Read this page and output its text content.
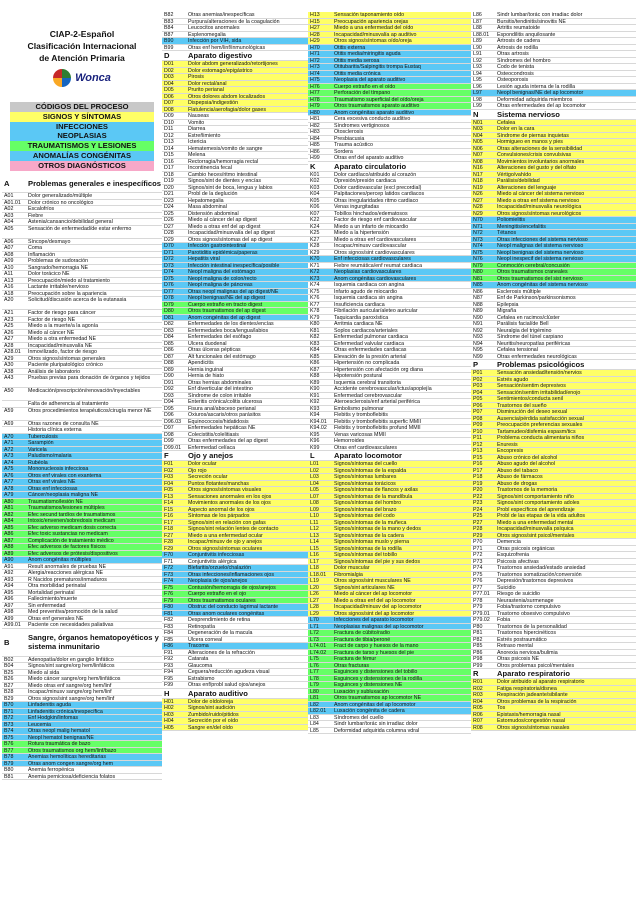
CIAP-2-Español
Clasificación Internacional
de Atención Primaria
Wonca
CÓDIGOS DEL PROCESO
SIGNOS Y SÍNTOMAS
INFECCIONES
NEOPLASIAS
TRAUMATISMOS Y LESIONES
ANOMALÍAS CONGÉNITAS
OTROS DIAGNÓSTICOS
A	Problemas generales e inespecíficos
A01	Dolor generalizado/múltiple
A01.01	Dolor crónico no oncológico
A02	Escalofríos
A03	Fiebre
A04	Astenia/cansancio/debilidad general
A05	Sensación de enfermedad/de estar enfermo
A06	Síncope/desmayo
A07	Coma
A08	Inflamación
A09	Problemas de sudoración
A10	Sangrado/hemorragia NE
A11	Dolor torácico NE
A13	Preocupación/miedo al tratamiento
A16	Lactante irritable/nervioso
A18	Preocupación sobre la apariencia
A20	Solicitud/discusión acerca de la eutanasia
A21	Factor de riesgo para cáncer
A23	Factor de riesgo NE
A25	Miedo a la muerte/a la agonía
A26	Miedo al cáncer NE
A27	Miedo a otra enfermedad NE
A28	Incapacidad/minusvalía NE
A28.01	Inmovilizado, factor de riesgo
A29	Otros signos/síntomas generales
A30	Paciente pluripatológico crónico
A38	Análisis de laboratorio
A43	Pruebas previas para donación de órganos y tejidos
A50	Medicación/prescripción/renovación/inyectables
Falta de adherencia al tratamiento
A59	Otros procedimientos terapéuticos/cirugía menor NE
A69	Otras razones de consulta NE
Historia clínica externa
A70	Tuberculosis
A71	Sarampión
A72	Varicela
A73	Paludismo/malaria
A74	Rubéola
A75	Mononucleosis infecciosa
A76	Otros enf virales con exantema
A77	Otras enf virales NE
A78	Otras enf infecciosas
A79	Cáncer/neoplasia maligna NE
A80	Traumatismo/lesión NE
A81	Traumatismos/lesiones múltiples
A82	Efec secund tardíos de traumatismos
A84	Intoxic/envenen/sobredosis medicam
A85	Efec adverso medicam dosis correcta
A86	Efec toxic sustancias no medicam
A87	Complicación de tratamiento médico
A88	Efec adversos de factores físicos
A89	Efec adversos de prótesis/dispositivos
A90	Anom congénitas múltiples
A91	Result anormales de pruebas NE
A92	Alergia/reacciones alérgicas NE
A93	R Nacidos prematuros/inmaduros
A94	Otra morbilidad perinatal
A95	Mortalidad perinatal
A96	Fallecimiento/muerte
A97	Sin enfermedad
A98	Med preventiva/promoción de la salud
A99	Otras enf generales NE
A99.01	Paciente con necesidades paliativas
B	Sangre, órganos hematopoyéticos y sistema inmunitario
B02	Adenopatía/dolor en ganglio linfático
B04	Signos/sint sangre/org hem/linfáticos
B25	Miedo al sida
B26	Miedo cáncer sangre/org hem/linfáticos
B27	Miedo otras enf sangre/org hem/linf
B28	Incapac/minusv sangre/org hem/linf
B29	Otros signos/sint sangre/org hem/linf
B70	Linfadenitis aguda
B71	Linfadenitis crónica/inespecífica
B72	Enf Hodgkin/linfomas
B73	Leucemia
B74	Otras neopl malig hematol
B75	Neopl hematol benignas/NE
B76	Rotura traumática de bazo
B77	Otros traumatismos org hem/linf/bazo
B78	Anemias hemolíticas hereditarias
B79	Otras anom congen sangre/org hem
B80	Anemia ferropénica
B81	Anemia perniciosa/deficiencia folatos
B82	Otras anemias/inespecíficas
B83	Purpura/alteraciones de la coagulación
B84	Leucocitos anormales
B87	Esplenomegalia
B90	Infección por VIH, sida
B99	Otras enf hem/linf/inmunológicas
D	Aparato digestivo
D01	Dolor abdom generalizado/retortijones
D02	Dolor estomago/epigástrico
D03	Pirosis
D04	Dolor rectal/anal
D05	Prurito perianal
D06	Otros dolores abdom localizados
D07	Dispepsia/indigestión
D08	Flatulencia/aerofagia/dolor gases
D09	Nauseas
D10	Vomito
D11	Diarrea
D12	Estreñimiento
D13	Ictericia
D14	Hematemesis/vomito de sangre
D15	Melena
D16	Rectorragia/hemorragia rectal
D17	Incontinencia fecal
D18	Cambio heces/ritmo intestinal
D19	Signos/sint de dientes y encías
D20	Signos/sint de boca, lengua y labios
D21	Probl de la deglución
D23	Hepatomegalia
D24	Masa abdominal
D25	Distensión abdominal
D26	Miedo al cáncer del ap digest
D27	Miedo a otras enf del ap digest
D28	Incapacidad/minusvalía del ap digest
D29	Otros signos/síntomas del ap digest
D70	Infección gastrointestinal
D71	Parotiditis epidémica/paperas
D72	Hepatitis viral
D73	Infección intestinal inespecífica/posible
D74	Neopl maligna del estómago
D75	Neopl maligna de colon/recto
D76	Neopl maligna de páncreas
D77	Otras neopl malignas del ap digest/NE
D78	Neopl benignas/NE del ap digest
D79	Cuerpo extraño en tracto digest
D80	Otros traumatismos del ap digest
D81	Anom congénitas del ap digest
D82	Enfermedades de los dientes/encías
D83	Enfermedades boca/lengua/labios
D84	Enfermedades del esófago
D85	Ulcera duodenal
D86	Otras úlceras pépticas
D87	Alt funcionales del estómago
D88	Apendicitis
D89	Hernia inguinal
D90	Hernia de hiato
D91	Otras hernias abdominales
D92	Enf diverticular del intestino
D93	Síndrome de colon irritable
D94	Enteritis crónica/colitis ulcerosa
D95	Fisura anal/absceso perianal
D96	Oxiuros/ascaris/otros parásitos
D96.03	Equinococosis/hidatidosis
D97	Enfermedades hepáticas NE
D98	Colecistitis/colelitiasis
D99	Otras enfermedades del ap digest
D99.01	Enfermedad celíaca
F	Ojo y anejos
F01	Dolor ocular
F02	Ojo rojo
F03	Secreción ocular
F04	Puntos flotantes/manchas
F05	Otros signos/síntomas visuales
F13	Sensaciones anormales en los ojos
F14	Movimientos anormales de los ojos
F15	Aspecto anormal de los ojos
F16	Síntomas de los párpados
F17	Signos/sint en relación con gafas
F18	Signos/sint relación lentes de contacto
F27	Miedo a una enfermedad ocular
F28	Incapac/minusv de ojo y anejos
F29	Otros signos/síntomas oculares
F70	Conjuntivitis infecciosas
F71	Conjuntivitis alérgica
F72	Blefaritis/orzuelo/chalazión
F73	Otras infecciones/inflamaciones ojos
F74	Neoplasia de ojos/anejos
F75	Contusión/hemorragia de ojos/anejos
F76	Cuerpo extraño en el ojo
F79	Otros traumatismos oculares
F80	Obstruc del conducto lagrimal lactante
F81	Otras anom oculares congénitas
F82	Desprendimiento de retina
F83	Retinopatía
F84	Degeneración de la macula
F85	Ulcera corneal
F86	Tracoma
F91	Alteraciones de la refracción
F92	Catarata
F93	Glaucoma
F94	Ceguera/reducción agudeza visual
F95	Estrabismo
F99	Otras enf/probl salud ojos/anejos
H	Aparato auditivo
H01	Dolor de oído/oreja
H02	Signos/sint audición
H03	Zumbido/ruido/pitidos
H04	Secreción por el oído
H05	Sangre en/del oído
H13	Sensación taponamiento oído
H15	Preocupación apariencia orejas
H27	Miedo a una enfermedad del oído
H28	Incapacidad/minusvalía ap auditivo
H29	Otros signos/síntomas oído/oreja
H70	Otitis externa
H71	Otitis media/miringitis aguda
H72	Otitis media serosa
H73	Otitubaritis/Salpingitis trompa Eustaq
H74	Otitis media crónica
H75	Neoplasia del aparato auditivo
H76	Cuerpo extraño en el oído
H77	Perforación del tímpano
H78	Traumatismo superficial del oído/oreja
H79	Otros traumatismos aparato auditivo
H80	Anom congénitas aparato auditivo
H81	Cera excesiva conducto auditivo
H82	Síndromes vertiginosos
H83	Otosclerosis
H84	Presbiacusia
H85	Trauma acústico
H86	Sordera
H99	Otras enf del aparato auditivo
K	Aparato circulatorio
K01	Dolor cardíaco/atribuido al corazón
K02	Opresión/presión cardiaca
K03	Dolor cardiovascular (excl precordial)
K04	Palpitaciones/percep latidos cardiacos
K05	Otras irregularidades ritmo cardiaco
K06	Venas ingurgitadas
K07	Tobillos hinchados/edematosos
K22	Factor de riesgo enf cardiovascular
K24	Miedo a un infarto de miocardio
K25	Miedo a la hipertensión
K27	Miedo a otras enf cardiovasculares
K28	Incapac/minusv cardiovascular
K29	Otros signos/sint cardiovasculares
K70	Enf infecciosas cardiovasculares
K71	Fiebre reumática/enf reumat cardiaca
K72	Neoplasias cardiovasculares
K73	Anom congénitas cardiovasculares
K74	Isquemia cardiaca con angina
K75	Infarto agudo de miocardio
K76	Isquemia cardiaca sin angina
K77	Insuficiencia cardiaca
K78	Fibrilación auricular/aleteo auricular
K79	Taquicardia paroxística
K80	Arritmia cardiaca NE
K81	Soplos cardiacos/arteriales
K82	Enfermedad pulmonar cardiaca
K83	Enfermedad valvular cardiaca
K84	Otras enfermedades cardiacas
K85	Elevación de la presión arterial
K86	Hipertensión no complicada
K87	Hipertensión con afectación org diana
K88	Hipotensión postural
K89	Isquemia cerebral transitoria
K90	Accidente cerebrovascular/ictus/apoplejía
K91	Enfermedad cerebrovascular
K92	Ateroesclerosis/enf arterial periférica
K93	Embolismo pulmonar
K94	Flebitis y tromboflebitis
K94.01	Flebitis y tromboflebitis superfic MMII
K94.02	Flebitis y tromboflebitis profund MMII
K95	Venas varicosas MMII
K96	Hemorroides
K99	Otras enf cardiovasculares
L	Aparato locomotor
L01	Signos/síntomas del cuello
L02	Signos/síntomas de la espalda
L03	Signos/síntomas lumbares
L04	Signos/síntomas torácicos
L05	Signos/síntomas de flancos y axilas
L07	Signos/síntomas de la mandíbula
L08	Signos/síntomas del hombro
L09	Signos/síntomas del brazo
L10	Signos/síntomas del codo
L11	Signos/síntomas de la muñeca
L12	Signos/síntomas de la mano y dedos
L13	Signos/síntomas de la cadera
L14	Signos/síntomas muslo y pierna
L15	Signos/síntomas de la rodilla
L16	Signos/síntomas del tobillo
L17	Signos/síntomas del pie y sus dedos
L18	Dolor muscular
L18.01	Fibromialgia
L19	Otros signos/sint musculares NE
L20	Signos/sint articulares NE
L26	Miedo al cáncer del ap locomotor
L27	Miedo a otras enf del ap locomotor
L28	Incapacidad/minusv del ap locomotor
L29	Otros signos/sint del ap locomotor
L70	Infecciones del aparato locomotor
L71	Neoplasias malignas del ap locomotor
L72	Fractura de cúbito/radio
L73	Fractura de tibia/peroné
L74.01	Fract de carpo y huesos de la mano
L74.02	Fractura de tarso y huesos del pie
L75	Fractura de fémur
L76	Otras fracturas
L77	Esguinces y distensiones del tobillo
L78	Esguinces y distensiones de la rodilla
L79	Esguinces y distensiones NE
L80	Luxación y subluxación
L81	Otros traumatismos ap locomotor NE
L82	Anom congénitas del ap locomotor
L82.01	Luxación congénita de cadera
L83	Síndromes del cuello
L84	Sindr lumbar/torác sin irradiac dolor
L85	Deformidad adquirida columna vdral
L86	Sindr lumbar/torác con irradiac dolor
L87	Bursitis/tendinitis/sinovitis NE
L88	Artritis reumatoide
L88.01	Espondilitis anquilosante
L89	Artrosis de cadera
L90	Artrosis de rodilla
L91	Otras artrosis
L92	Síndromes del hombro
L93	Codo de tenista
L94	Osteocondrosis
L95	Osteoporosis
L96	Lesión aguda interna de la rodilla
L97	Neopl benignas/NE del ap locomotor
L98	Deformidad adquirida miembros
L99	Otras enfermedades del ap locomotor
N	Sistema nervioso
N01	Cefalea
N03	Dolor en la cara
N04	Síndrome de piernas inquietas
N05	Hormigueo en manos y pies
N06	Otras alteraciones de la sensibilidad
N07	Convulsiones/crisis convulsivas
N08	Movimientos involuntarios anormales
N16	Alteraciones del gusto y del olfato
N17	Vértigo/vahído
N18	Parálisis/debilidad
N19	Alteraciones del lenguaje
N26	Miedo al cáncer del sistema nervioso
N27	Miedo a otras enf sistema nervioso
N28	Incapacidad/minusvalía neurológica
N29	Otros signos/síntomas neurológicos
N70	Poliomielitis
N71	Meningitis/encefalitis
N72	Tétanos
N73	Otras infecciones del sistema nervioso
N74	Neopl malignas del sistema nervioso
N75	Neopl benignas del sistema nervioso
N76	Neopl inespecif del sistema nervioso
N79	Conmoción cerebral/concusión
N80	Otros traumatismos craneales
N81	Otros traumatismos del sist nervioso
N85	Anom congénitas del sistema nervioso
N86	Esclerosis múltiple
N87	Enf de Parkinson/parkinsonismos
N88	Epilepsia
N89	Migraña
N90	Cefalea en racimos/clúster
N91	Parálisis facial/de Bell
N92	Neuralgia del trigémino
N93	Síndrome del túnel carpiano
N94	Neuritis/neuropatías periféricas
N95	Cefalea tensional
N99	Otras enfermedades neurológicas
P	Problemas psicológicos
P01	Sensación ansiedad/tensión/nervios
P02	Estrés agudo
P03	Sensación/sentim depresivos
P04	Sensación/sentim irritabilidad/enojo
P05	Sentimientos/conducta senil
P06	Trastornos del sueño
P07	Disminución del deseo sexual
P08	Ausencia/pérdida satisfacción sexual
P09	Preocupación preferencias sexuales
P10	Tartamudeo/disfemia espasm/tics
P11	Problema conducta alimentaria niños
P12	Enuresis
P13	Encopresis
P15	Abuso crónico del alcohol
P16	Abuso agudo del alcohol
P17	Abuso del tabaco
P18	Abuso de fármacos
P19	Abuso de drogas
P20	Trastornos de la memoria
P22	Signos/sint comportamiento niño
P23	Signos/sint comportamiento adoles
P24	Probl específicos del aprendizaje
P25	Probl de las etapas de la vida adultos
P27	Miedo a una enfermedad mental
P28	Incapacidad/minusvalía psíquica
P29	Otros signos/sint psicol/mentales
P70	Demencia
P71	Otras psicosis orgánicas
P72	Esquizofrenia
P73	Psicosis afectivas
P74	Trastornos ansiedad/estado ansiedad
P75	Trastornos somatización/conversión
P76	Depresión/trastornos depresivos
P77	Suicidio
P77.01	Riesgo de suicidio
P78	Neurastenia/surmenage
P79	Fobia/trastorno compulsivo
P79.01	Trastorno obsesivo compulsivo
P79.02	Fobia
P80	Trastornos de la personalidad
P81	Trastornos hipercinéticos
P82	Estrés postraumático
P85	Retraso mental
P86	Anorexia nerviosa/bulimia
P98	Otras psicosis NE
P99	Otros problemas psicol/mentales
R	Aparato respiratorio
R01	Dolor atribuido al aparato respiratorio
R02	Fatiga respiratoria/disnea
R03	Respiración jadeante/sibilante
R04	Otros problemas de la respiración
R05	Tos
R06	Epistaxis/hemorragia nasal
R07	Estornudos/congestión nasal
R08	Otros signos/síntomas nasales
